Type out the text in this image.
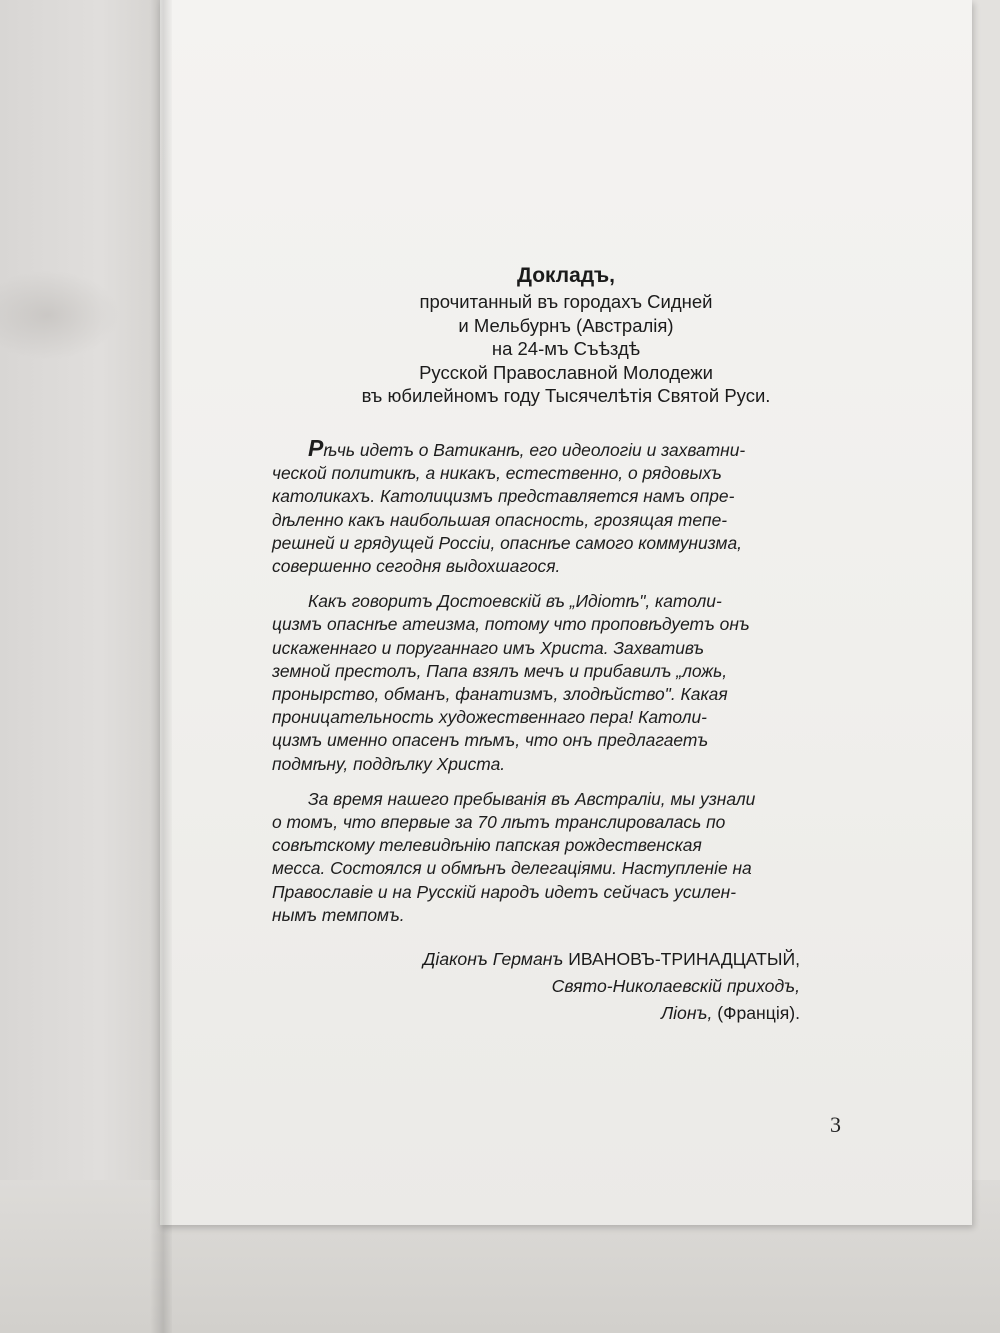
Докладъ,

прочитанный въ городахъ Сидней

и Мельбурнъ (Австралія)

на 24-мъ Съѣздѣ

Русской Православной Молодежи

въ юбилейномъ году Тысячелѣтія Святой Руси.

Рѣчь идетъ о Ватиканѣ, его идеологіи и захватни-
ческой политикѣ, а никакъ, естественно, о рядовыхъ
католикахъ. Католицизмъ представляется намъ опре-
дѣленно какъ наибольшая опасность, грозящая тепе-
решней и грядущей Россіи, опаснѣе самого коммунизма,
совершенно сегодня выдохшагося.
Какъ говоритъ Достоевскій въ „Идіотѣ", католи-
цизмъ опаснѣе атеизма, потому что проповѣдуетъ онъ
искаженнаго и поруганнаго имъ Христа. Захвативъ
земной престолъ, Папа взялъ мечъ и прибавилъ „ложь,
пронырство, обманъ, фанатизмъ, злодѣйство". Какая
проницательность художественнаго пера! Католи-
цизмъ именно опасенъ тѣмъ, что онъ предлагаетъ
подмѣну, поддѣлку Христа.
За время нашего пребыванія въ Австраліи, мы узнали
о томъ, что впервые за 70 лѣтъ транслировалась по
совѣтскому телевидѣнію папская рождественская
месса. Состоялся и обмѣнъ делегаціями. Наступленіе на
Православіе и на Русскій народъ идетъ сейчасъ усилен-
нымъ темпомъ.
Діаконъ Германъ ИВАНОВЪ-ТРИНАДЦАТЫЙ,
Свято-Николаевскій приходъ,
Ліонъ, (Франція).
3
